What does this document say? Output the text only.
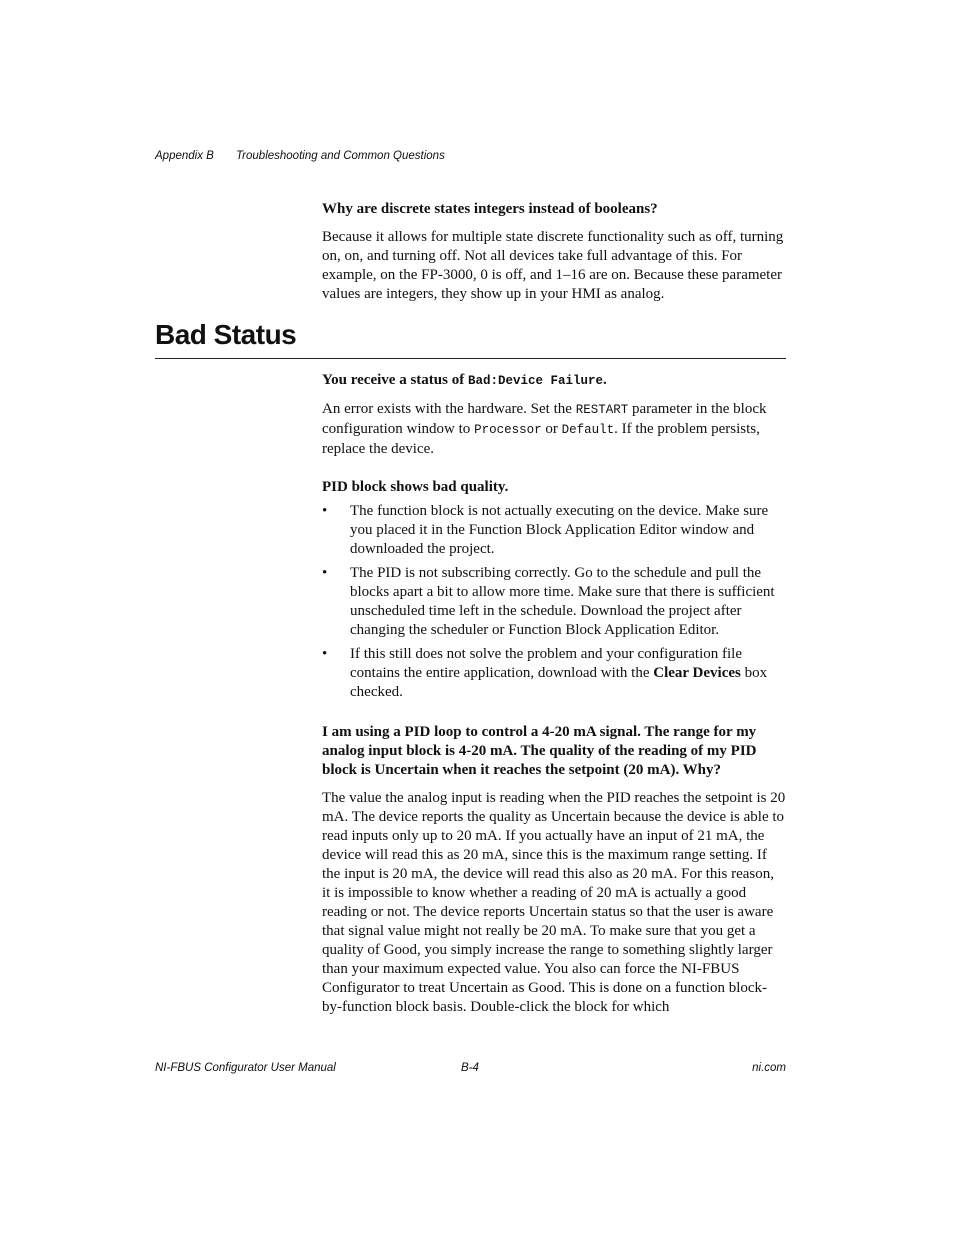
Appendix B Troubleshooting and Common Questions

Why are discrete states integers instead of booleans?

Because it allows for multiple state discrete functionality such as off, turning on, on, and turning off. Not all devices take full advantage of this. For example, on the FP-3000, 0 is off, and 1–16 are on. Because these parameter values are integers, they show up in your HMI as analog.

Bad Status

You receive a status of Bad:Device Failure.

An error exists with the hardware. Set the RESTART parameter in the block configuration window to Processor or Default. If the problem persists, replace the device.

PID block shows bad quality.

• The function block is not actually executing on the device. Make sure you placed it in the Function Block Application Editor window and downloaded the project.
• The PID is not subscribing correctly. Go to the schedule and pull the blocks apart a bit to allow more time. Make sure that there is sufficient unscheduled time left in the schedule. Download the project after changing the scheduler or Function Block Application Editor.
• If this still does not solve the problem and your configuration file contains the entire application, download with the Clear Devices box checked.

I am using a PID loop to control a 4-20 mA signal. The range for my analog input block is 4-20 mA. The quality of the reading of my PID block is Uncertain when it reaches the setpoint (20 mA). Why?

The value the analog input is reading when the PID reaches the setpoint is 20 mA. The device reports the quality as Uncertain because the device is able to read inputs only up to 20 mA. If you actually have an input of 21 mA, the device will read this as 20 mA, since this is the maximum range setting. If the input is 20 mA, the device will read this also as 20 mA. For this reason, it is impossible to know whether a reading of 20 mA is actually a good reading or not. The device reports Uncertain status so that the user is aware that signal value might not really be 20 mA. To make sure that you get a quality of Good, you simply increase the range to something slightly larger than your maximum expected value. You also can force the NI-FBUS Configurator to treat Uncertain as Good. This is done on a function block-by-function block basis. Double-click the block for which

NI-FBUS Configurator User Manual	B-4	ni.com
